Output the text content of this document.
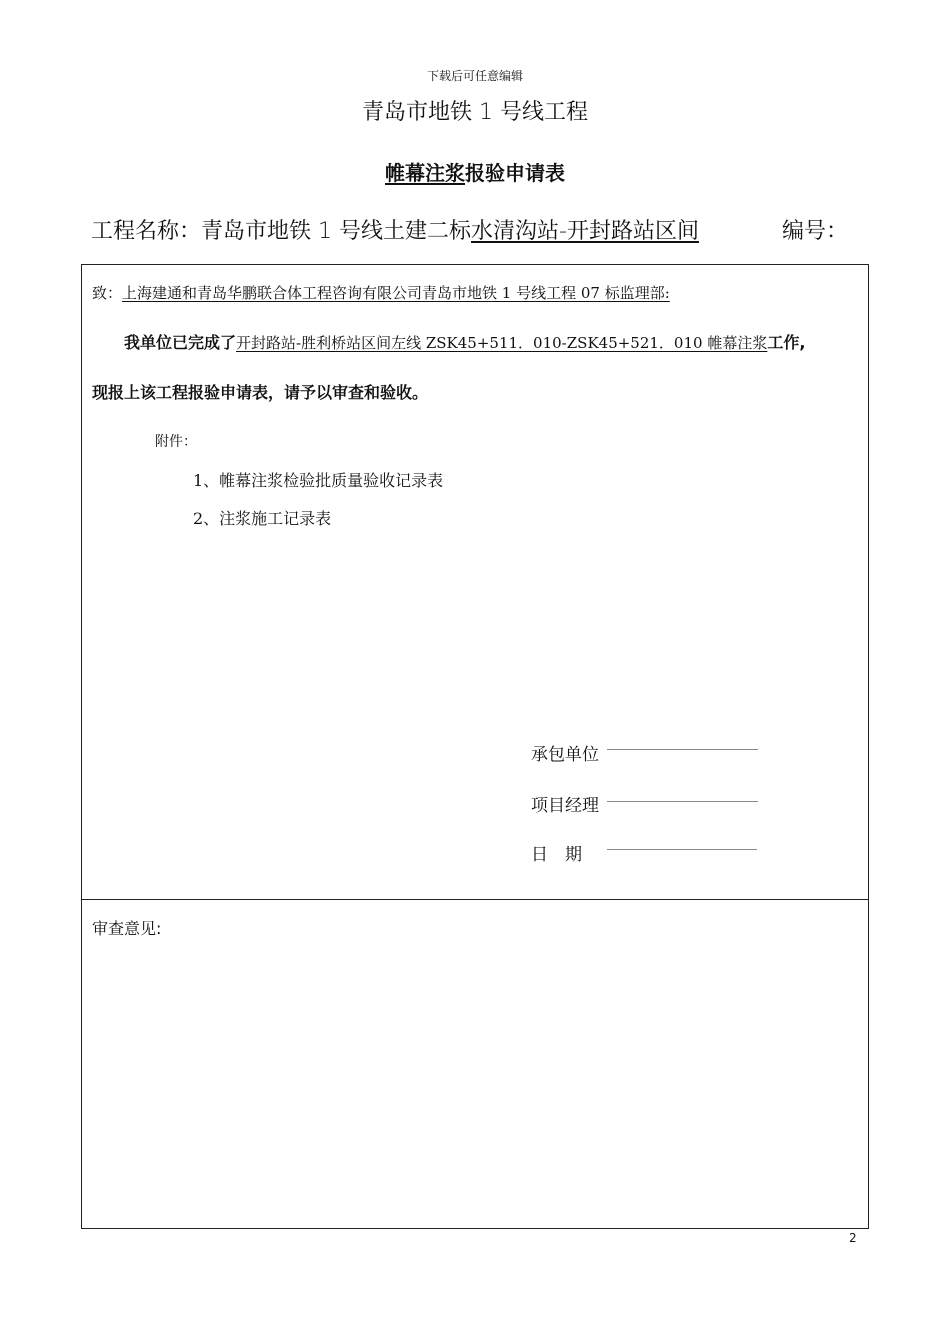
下载后可任意编辑
青岛市地铁 1 号线工程
帷幕注浆报验申请表
工程名称：青岛市地铁 1 号线土建二标水清沟站-开封路站区间	编号：
致：上海建通和青岛华鹏联合体工程咨询有限公司青岛市地铁 1 号线工程 07 标监理部:
我单位已完成了开封路站-胜利桥站区间左线 ZSK45+511．010-ZSK45+521．010 帷幕注浆工作,
现报上该工程报验申请表，请予以审查和验收。
附件：
1、帷幕注浆检验批质量验收记录表
2、注浆施工记录表
承包单位
项目经理
日　期
审查意见:
2
